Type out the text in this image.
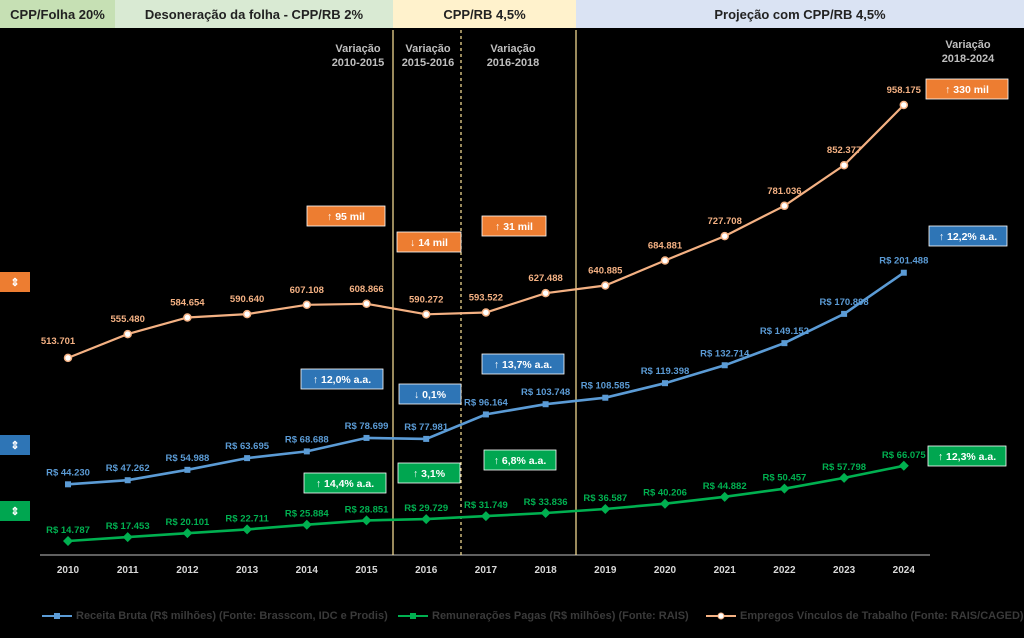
CPP/Folha 20%	Desoneração da folha - CPP/RB 2%	CPP/RB 4,5%	Projeção com CPP/RB 4,5%
Variação 2010-2015
Variação 2015-2016
Variação 2016-2018
Variação 2018-2024
2010	2011	2012	2013	2014	2015	2016	2017	2018	2019	2020	2021	2022	2023	2024
513.701
555.480
584.654	590.640
607.108	608.866
590.272	593.522
627.488
640.885
684.881
727.708
781.036
852.377
958.175
R$ 44.230 R$ 47.262
R$ 54.988
R$ 63.695
R$ 68.688
R$ 78.699 R$ 77.981
R$ 96.164
R$ 103.748
R$ 108.585
R$ 119.398
R$ 132.714
R$ 149.152
R$ 170.898
R$ 201.488
R$ 14.787 R$ 17.453 R$ 20.101 R$ 22.711 R$ 25.884 R$ 28.851 R$ 29.729 R$ 31.749 R$ 33.836 R$ 36.587 R$ 40.206
R$ 44.882
R$ 50.457
R$ 57.798
R$ 66.075
↑ 95 mil
↓ 14 mil
↑ 31 mil
↑ 330 mil
↑ 12,0% a.a.
↓ 0,1%
↑ 13,7% a.a.
↑ 12,2% a.a.
↑ 14,4% a.a.
↑ 3,1%
↑ 6,8% a.a.	↑ 12,3% a.a.
⇕
⇕
⇕
Receita Bruta (R$ milhões) (Fonte: Brasscom, IDC e Prodis)	Remunerações Pagas (R$ milhões) (Fonte: RAIS)	Empregos Vínculos de Trabalho (Fonte: RAIS/CAGED)
